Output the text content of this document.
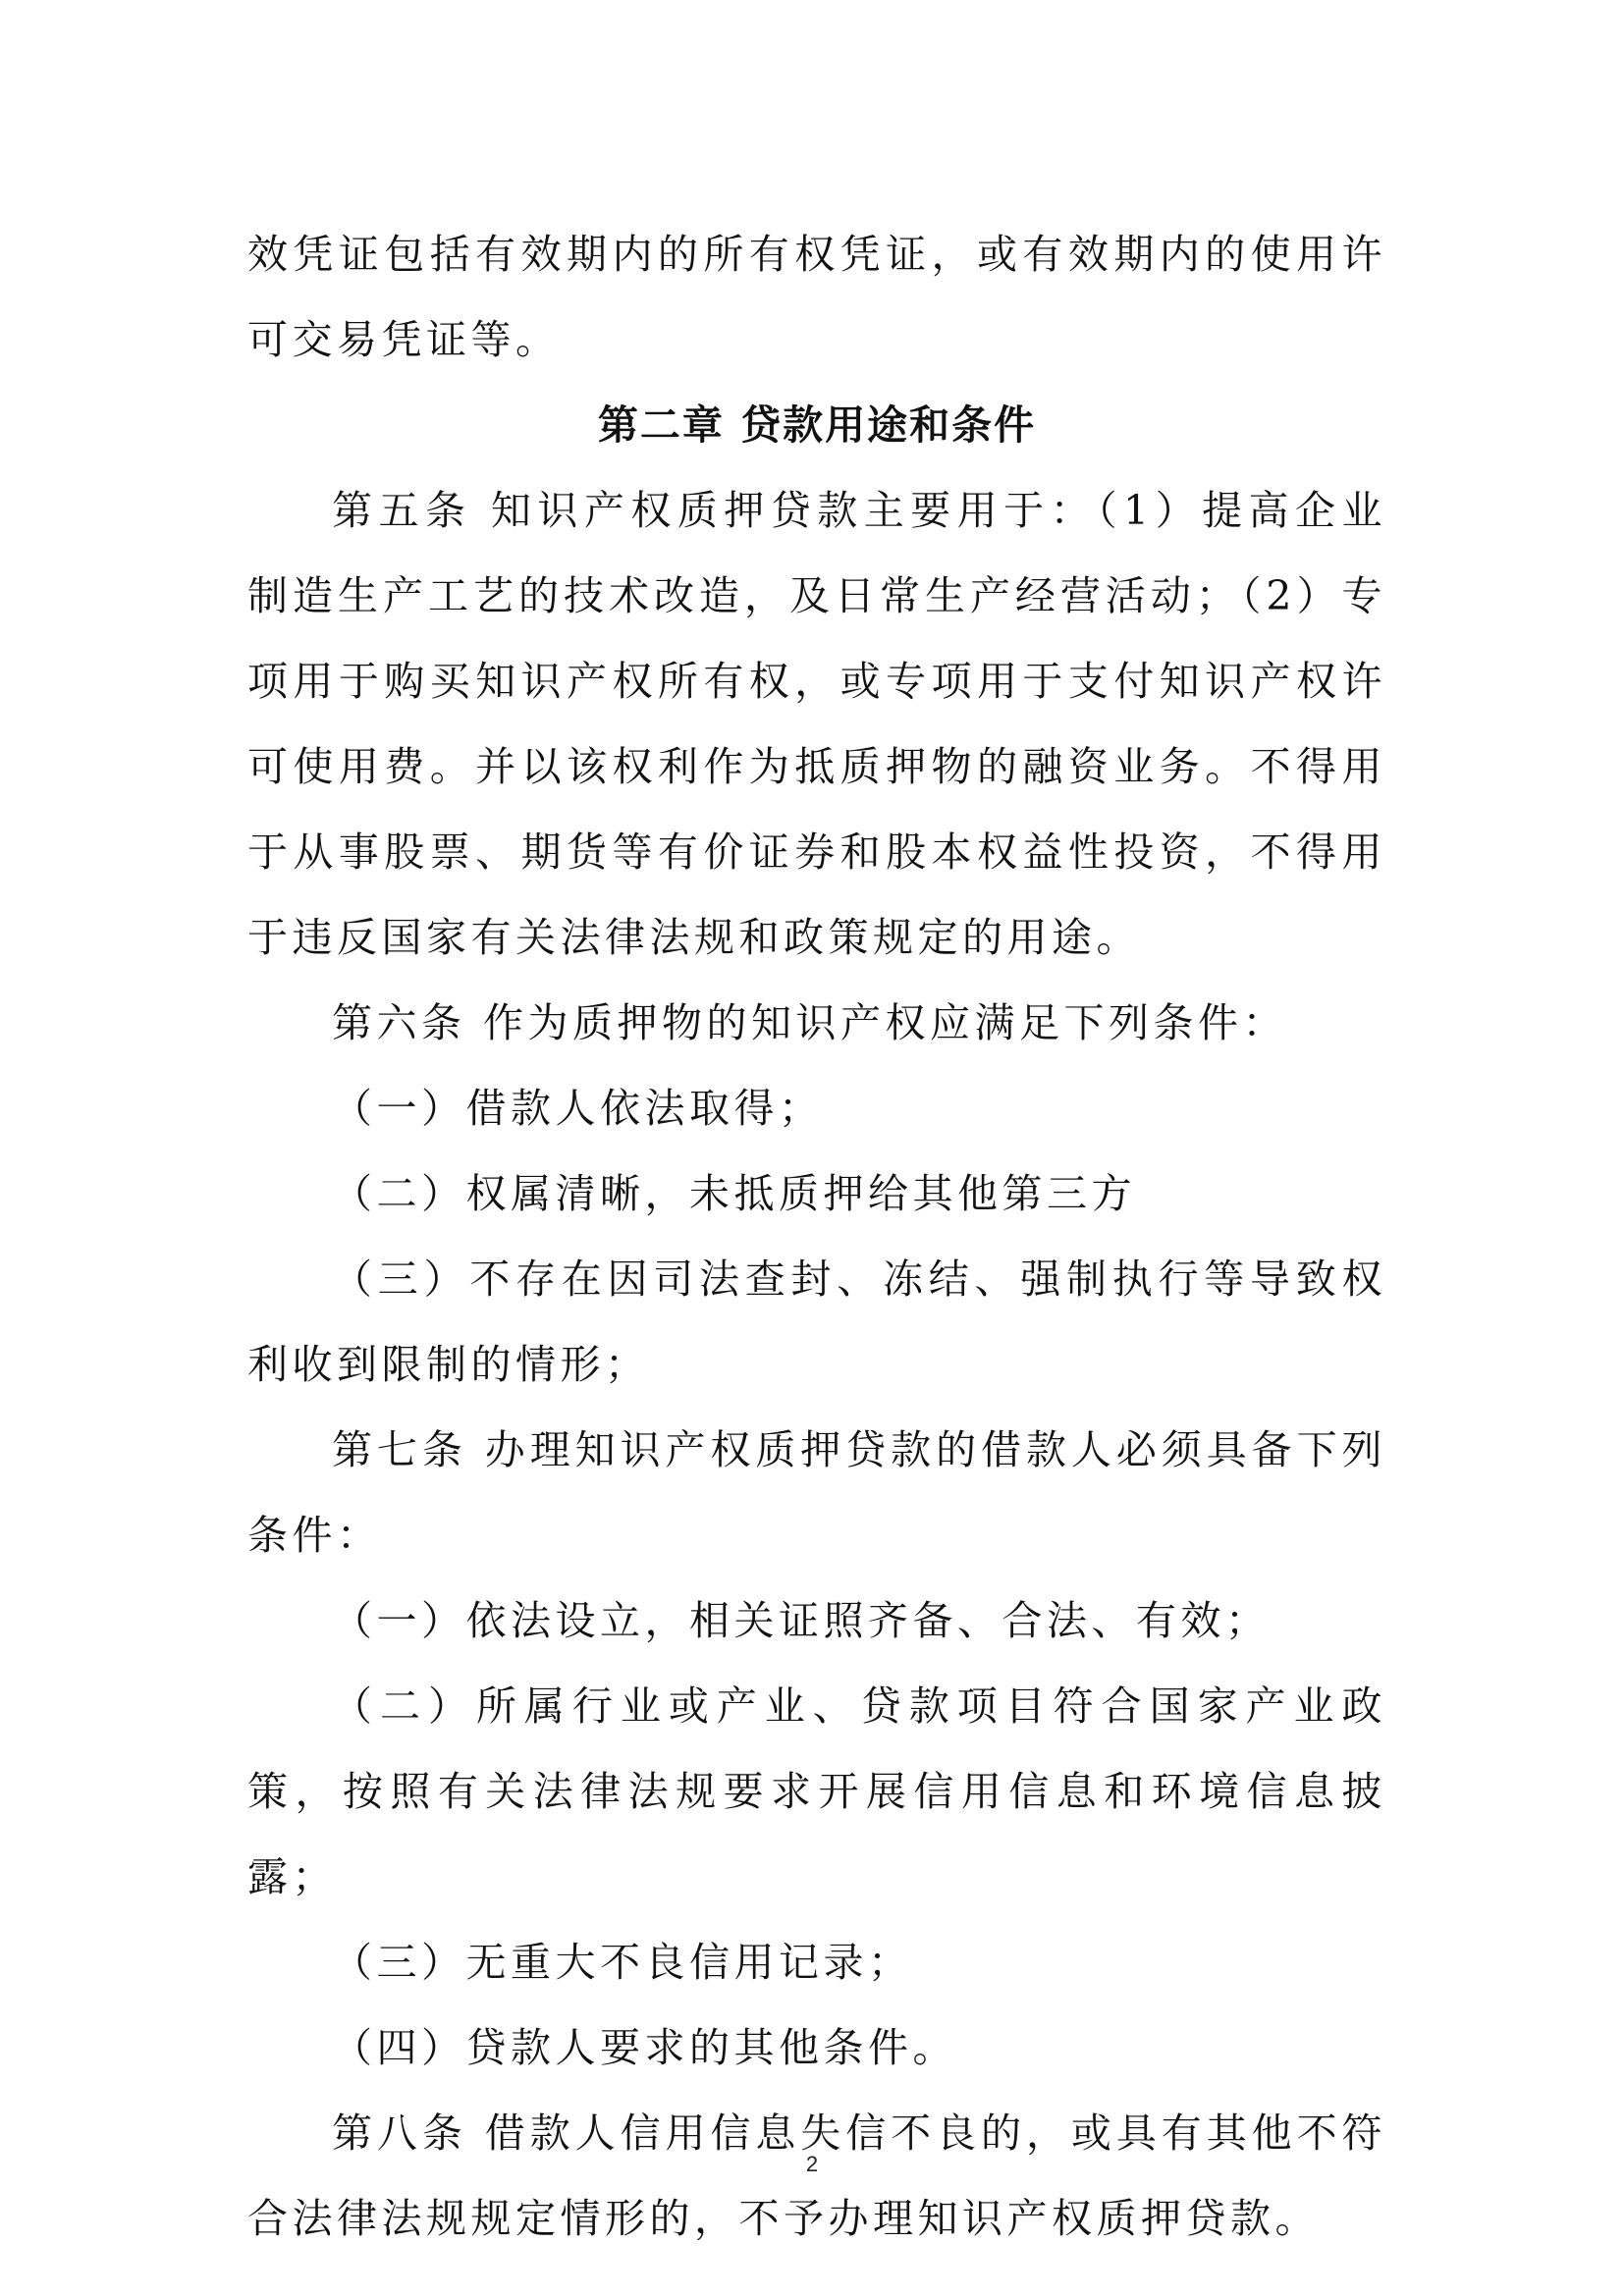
效凭证包括有效期内的所有权凭证，或有效期内的使用许可交易凭证等。

第二章 贷款用途和条件

第五条 知识产权质押贷款主要用于：（1）提高企业制造生产工艺的技术改造，及日常生产经营活动；（2）专项用于购买知识产权所有权，或专项用于支付知识产权许可使用费。并以该权利作为抵质押物的融资业务。不得用于从事股票、期货等有价证券和股本权益性投资，不得用于违反国家有关法律法规和政策规定的用途。

第六条 作为质押物的知识产权应满足下列条件：

（一）借款人依法取得；

（二）权属清晰，未抵质押给其他第三方

（三）不存在因司法查封、冻结、强制执行等导致权利收到限制的情形；

第七条 办理知识产权质押贷款的借款人必须具备下列条件：

（一）依法设立，相关证照齐备、合法、有效；

（二）所属行业或产业、贷款项目符合国家产业政策，按照有关法律法规要求开展信用信息和环境信息披露；

（三）无重大不良信用记录；

（四）贷款人要求的其他条件。

第八条 借款人信用信息失信不良的，或具有其他不符合法律法规规定情形的，不予办理知识产权质押贷款。

2
